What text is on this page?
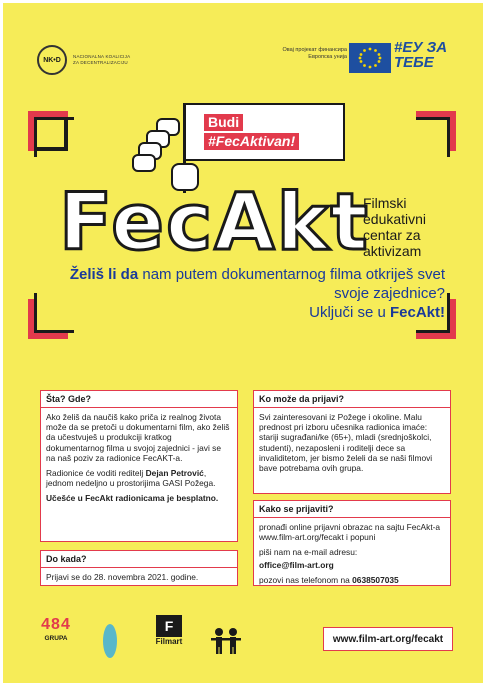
NK•D	NACIONALNA KOALICIJA ZA DECENTRALIZACIJU
Овај пројекат финансира Европска унија
#ЕУ ЗА ТЕБЕ
Budi
#FecAktivan!
FecAkt
Filmski edukativni centar za aktivizam
Želiš li da nam putem dokumentarnog filma otkriješ svet svoje zajednice?
Uključi se u FecAkt!
Šta? Gde?

Ako želiš da naučiš kako priča iz realnog života može da se pretoči u dokumentarni film, ako želiš da učestvuješ u produkciji kratkog dokumentarnog filma u svojoj zajednici - javi se na naš poziv za radionice FecAKT-a.

Radionice će voditi reditelj Dejan Petrović, jednom nedeljno u prostorijima GASI Požega.

Učešće u FecAkt radionicama je besplatno.

Do kada?
Prijavi se do 28. novembra 2021. godine.
Ko može da prijavi?
Svi zainteresovani iz Požege i okoline. Malu prednost pri izboru učesnika radionica imaće: stariji sugrađani/ke (65+), mladi (srednjoškolci, studenti), nezaposleni i roditelji dece sa invaliditetom, jer bismo želeli da se naši filmovi bave potrebama ovih grupa.
Kako se prijaviti?

pronađi online prijavni obrazac na sajtu FecAkt-a www.film-art.org/fecakt i popuni

piši nam na e-mail adresu:

office@film-art.org

pozovi nas telefonom na 0638507035

484
GRUPA
F
Filmart	www.film-art.org/fecakt
